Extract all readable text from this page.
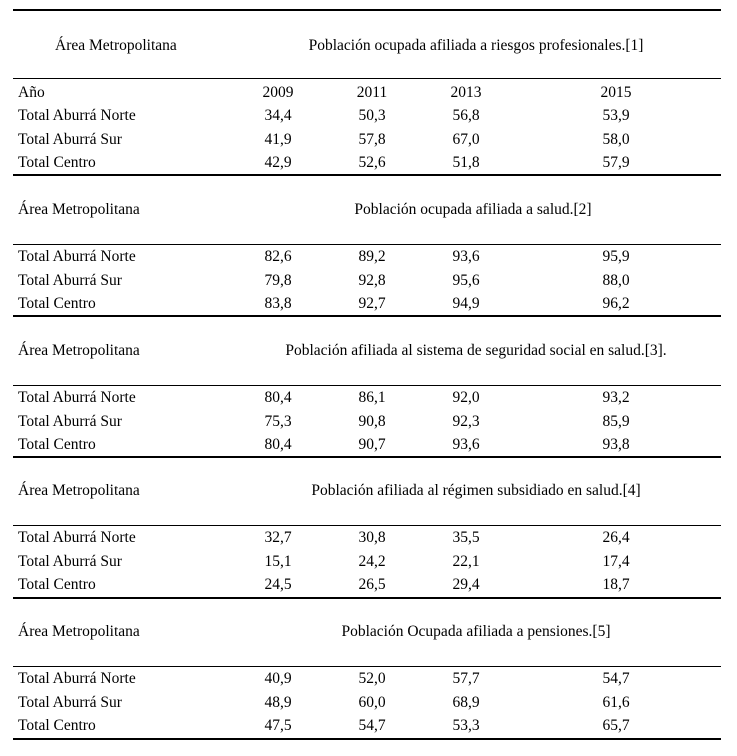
Área Metropolitana	Población ocupada afiliada a riesgos profesionales.[1]
Año	2009	2011	2013	2015
Total Aburrá Norte	34,4	50,3	56,8	53,9
Total Aburrá Sur	41,9	57,8	67,0	58,0
Total Centro	42,9	52,6	51,8	57,9
Área Metropolitana	Población ocupada afiliada a salud.[2]
Total Aburrá Norte	82,6	89,2	93,6	95,9
Total Aburrá Sur	79,8	92,8	95,6	88,0
Total Centro	83,8	92,7	94,9	96,2
Área Metropolitana	Población afiliada al sistema de seguridad social en salud.[3].
Total Aburrá Norte	80,4	86,1	92,0	93,2
Total Aburrá Sur	75,3	90,8	92,3	85,9
Total Centro	80,4	90,7	93,6	93,8
Área Metropolitana	Población afiliada al régimen subsidiado en salud.[4]
Total Aburrá Norte	32,7	30,8	35,5	26,4
Total Aburrá Sur	15,1	24,2	22,1	17,4
Total Centro	24,5	26,5	29,4	18,7
Área Metropolitana	Población Ocupada afiliada a pensiones.[5]
Total Aburrá Norte	40,9	52,0	57,7	54,7
Total Aburrá Sur	48,9	60,0	68,9	61,6
Total Centro	47,5	54,7	53,3	65,7
